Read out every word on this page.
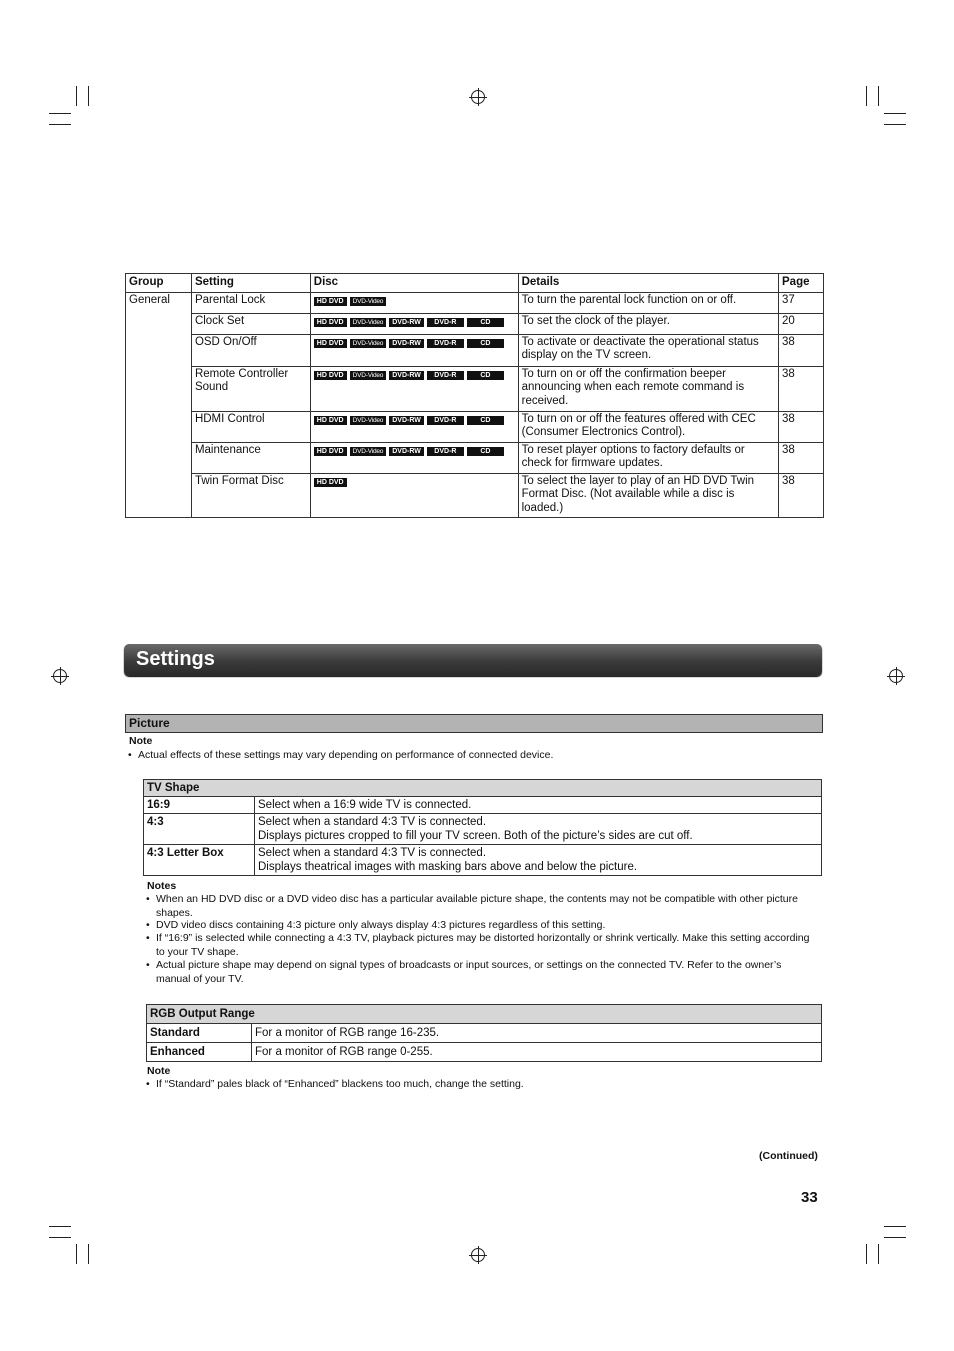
Group	Setting	Disc	Details	Page
General	Parental Lock	HD DVD DVD-Video	To turn the parental lock function on or off.	37
	Clock Set	HD DVD DVD-Video DVD-RW DVD-R CD	To set the clock of the player.	20
	OSD On/Off	HD DVD DVD-Video DVD-RW DVD-R CD	To activate or deactivate the operational status display on the TV screen.	38
	Remote Controller Sound	HD DVD DVD-Video DVD-RW DVD-R CD	To turn on or off the confirmation beeper announcing when each remote command is received.	38
	HDMI Control	HD DVD DVD-Video DVD-RW DVD-R CD	To turn on or off the features offered with CEC (Consumer Electronics Control).	38
	Maintenance	HD DVD DVD-Video DVD-RW DVD-R CD	To reset player options to factory defaults or check for firmware updates.	38
	Twin Format Disc	HD DVD	To select the layer to play of an HD DVD Twin Format Disc. (Not available while a disc is loaded.)	38
Settings
Picture
Note
• Actual effects of these settings may vary depending on performance of connected device.
TV Shape	
16:9	Select when a 16:9 wide TV is connected.
4:3	Select when a standard 4:3 TV is connected.
Displays pictures cropped to fill your TV screen. Both of the picture’s sides are cut off.
4:3 Letter Box	Select when a standard 4:3 TV is connected.
Displays theatrical images with masking bars above and below the picture.
Notes
• When an HD DVD disc or a DVD video disc has a particular available picture shape, the contents may not be compatible with other picture shapes.
• DVD video discs containing 4:3 picture only always display 4:3 pictures regardless of this setting.
• If “16:9” is selected while connecting a 4:3 TV, playback pictures may be distorted horizontally or shrink vertically. Make this setting according to your TV shape.
• Actual picture shape may depend on signal types of broadcasts or input sources, or settings on the connected TV. Refer to the owner’s manual of your TV.
RGB Output Range	
Standard	For a monitor of RGB range 16-235.
Enhanced	For a monitor of RGB range 0-255.
Note
• If “Standard” pales black of “Enhanced” blackens too much, change the setting.
(Continued)
33
